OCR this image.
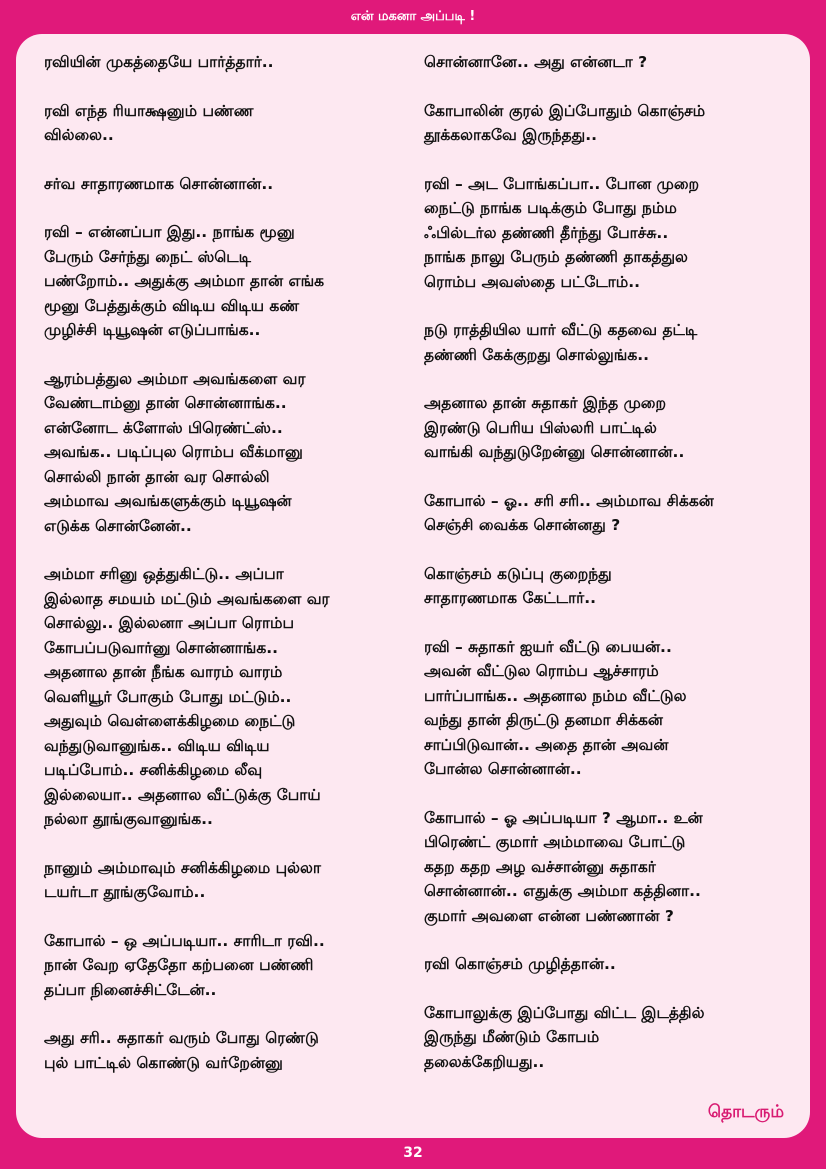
என் மகனா அப்படி !

ரவியின் முகத்தையே பார்த்தார்..

ரவி எந்த ரியாக்ஷனும் பண்ண
வில்லை..

சர்வ சாதாரணமாக சொன்னான்..

ரவி – என்னப்பா இது.. நாங்க மூனு
பேரும் சேர்ந்து நைட் ஸ்டெடி
பண்றோம்.. அதுக்கு அம்மா தான் எங்க
மூனு பேத்துக்கும் விடிய விடிய கண்
முழிச்சி டியூஷன் எடுப்பாங்க..

ஆரம்பத்துல அம்மா அவங்களை வர
வேண்டாம்னு தான் சொன்னாங்க..
என்னோட க்ளோஸ் பிரெண்ட்ஸ்..
அவங்க.. படிப்புல ரொம்ப வீக்மானு
சொல்லி நான் தான் வர சொல்லி
அம்மாவ அவங்களுக்கும் டியூஷன்
எடுக்க சொன்னேன்..

அம்மா சரினு ஒத்துகிட்டு.. அப்பா
இல்லாத சமயம் மட்டும் அவங்களை வர
சொல்லு.. இல்லனா அப்பா ரொம்ப
கோபப்படுவார்னு சொன்னாங்க..
அதனால தான் நீங்க வாரம் வாரம்
வெளியூர் போகும் போது மட்டும்..
அதுவும் வெள்ளைக்கிழமை நைட்டு
வந்துடுவானுங்க.. விடிய விடிய
படிப்போம்.. சனிக்கிழமை லீவு
இல்லையா.. அதனால வீட்டுக்கு போய்
நல்லா தூங்குவானுங்க..

நானும் அம்மாவும் சனிக்கிழமை புல்லா
டயர்டா தூங்குவோம்..

கோபால் – ஒ அப்படியா.. சாரிடா ரவி..
நான் வேற ஏதேதோ கற்பனை பண்ணி
தப்பா நினைச்சிட்டேன்..

அது சரி.. சுதாகர் வரும் போது ரெண்டு
புல் பாட்டில் கொண்டு வர்றேன்னு

சொன்னானே.. அது என்னடா ?

கோபாலின் குரல் இப்போதும் கொஞ்சம்
தூக்கலாகவே இருந்தது..

ரவி – அட போங்கப்பா.. போன முறை
நைட்டு நாங்க படிக்கும் போது நம்ம
ஃபில்டர்ல தண்ணி தீர்ந்து போச்சு..
நாங்க நாலு பேரும் தண்ணி தாகத்துல
ரொம்ப அவஸ்தை பட்டோம்..

நடு ராத்தியில யார் வீட்டு கதவை தட்டி
தண்ணி கேக்குறது சொல்லுங்க..

அதனால தான் சுதாகர் இந்த முறை
இரண்டு பெரிய பிஸ்லரி பாட்டில்
வாங்கி வந்துடுறேன்னு சொன்னான்..

கோபால் – ஓ.. சரி சரி.. அம்மாவ சிக்கன்
செஞ்சி வைக்க சொன்னது ?

கொஞ்சம் கடுப்பு குறைந்து
சாதாரணமாக கேட்டார்..

ரவி – சுதாகர் ஐயர் வீட்டு பையன்..
அவன் வீட்டுல ரொம்ப ஆச்சாரம்
பார்ப்பாங்க.. அதனால நம்ம வீட்டுல
வந்து தான் திருட்டு தனமா சிக்கன்
சாப்பிடுவான்.. அதை தான் அவன்
போன்ல சொன்னான்..

கோபால் – ஓ அப்படியா ? ஆமா.. உன்
பிரெண்ட் குமார் அம்மாவை போட்டு
கதற கதற அழ வச்சான்னு சுதாகர்
சொன்னான்.. எதுக்கு அம்மா கத்தினா..
குமார் அவளை என்ன பண்ணான் ?

ரவி கொஞ்சம் முழித்தான்..

கோபாலுக்கு இப்போது விட்ட இடத்தில்
இருந்து மீண்டும் கோபம்
தலைக்கேறியது..

தொடரும்
32
